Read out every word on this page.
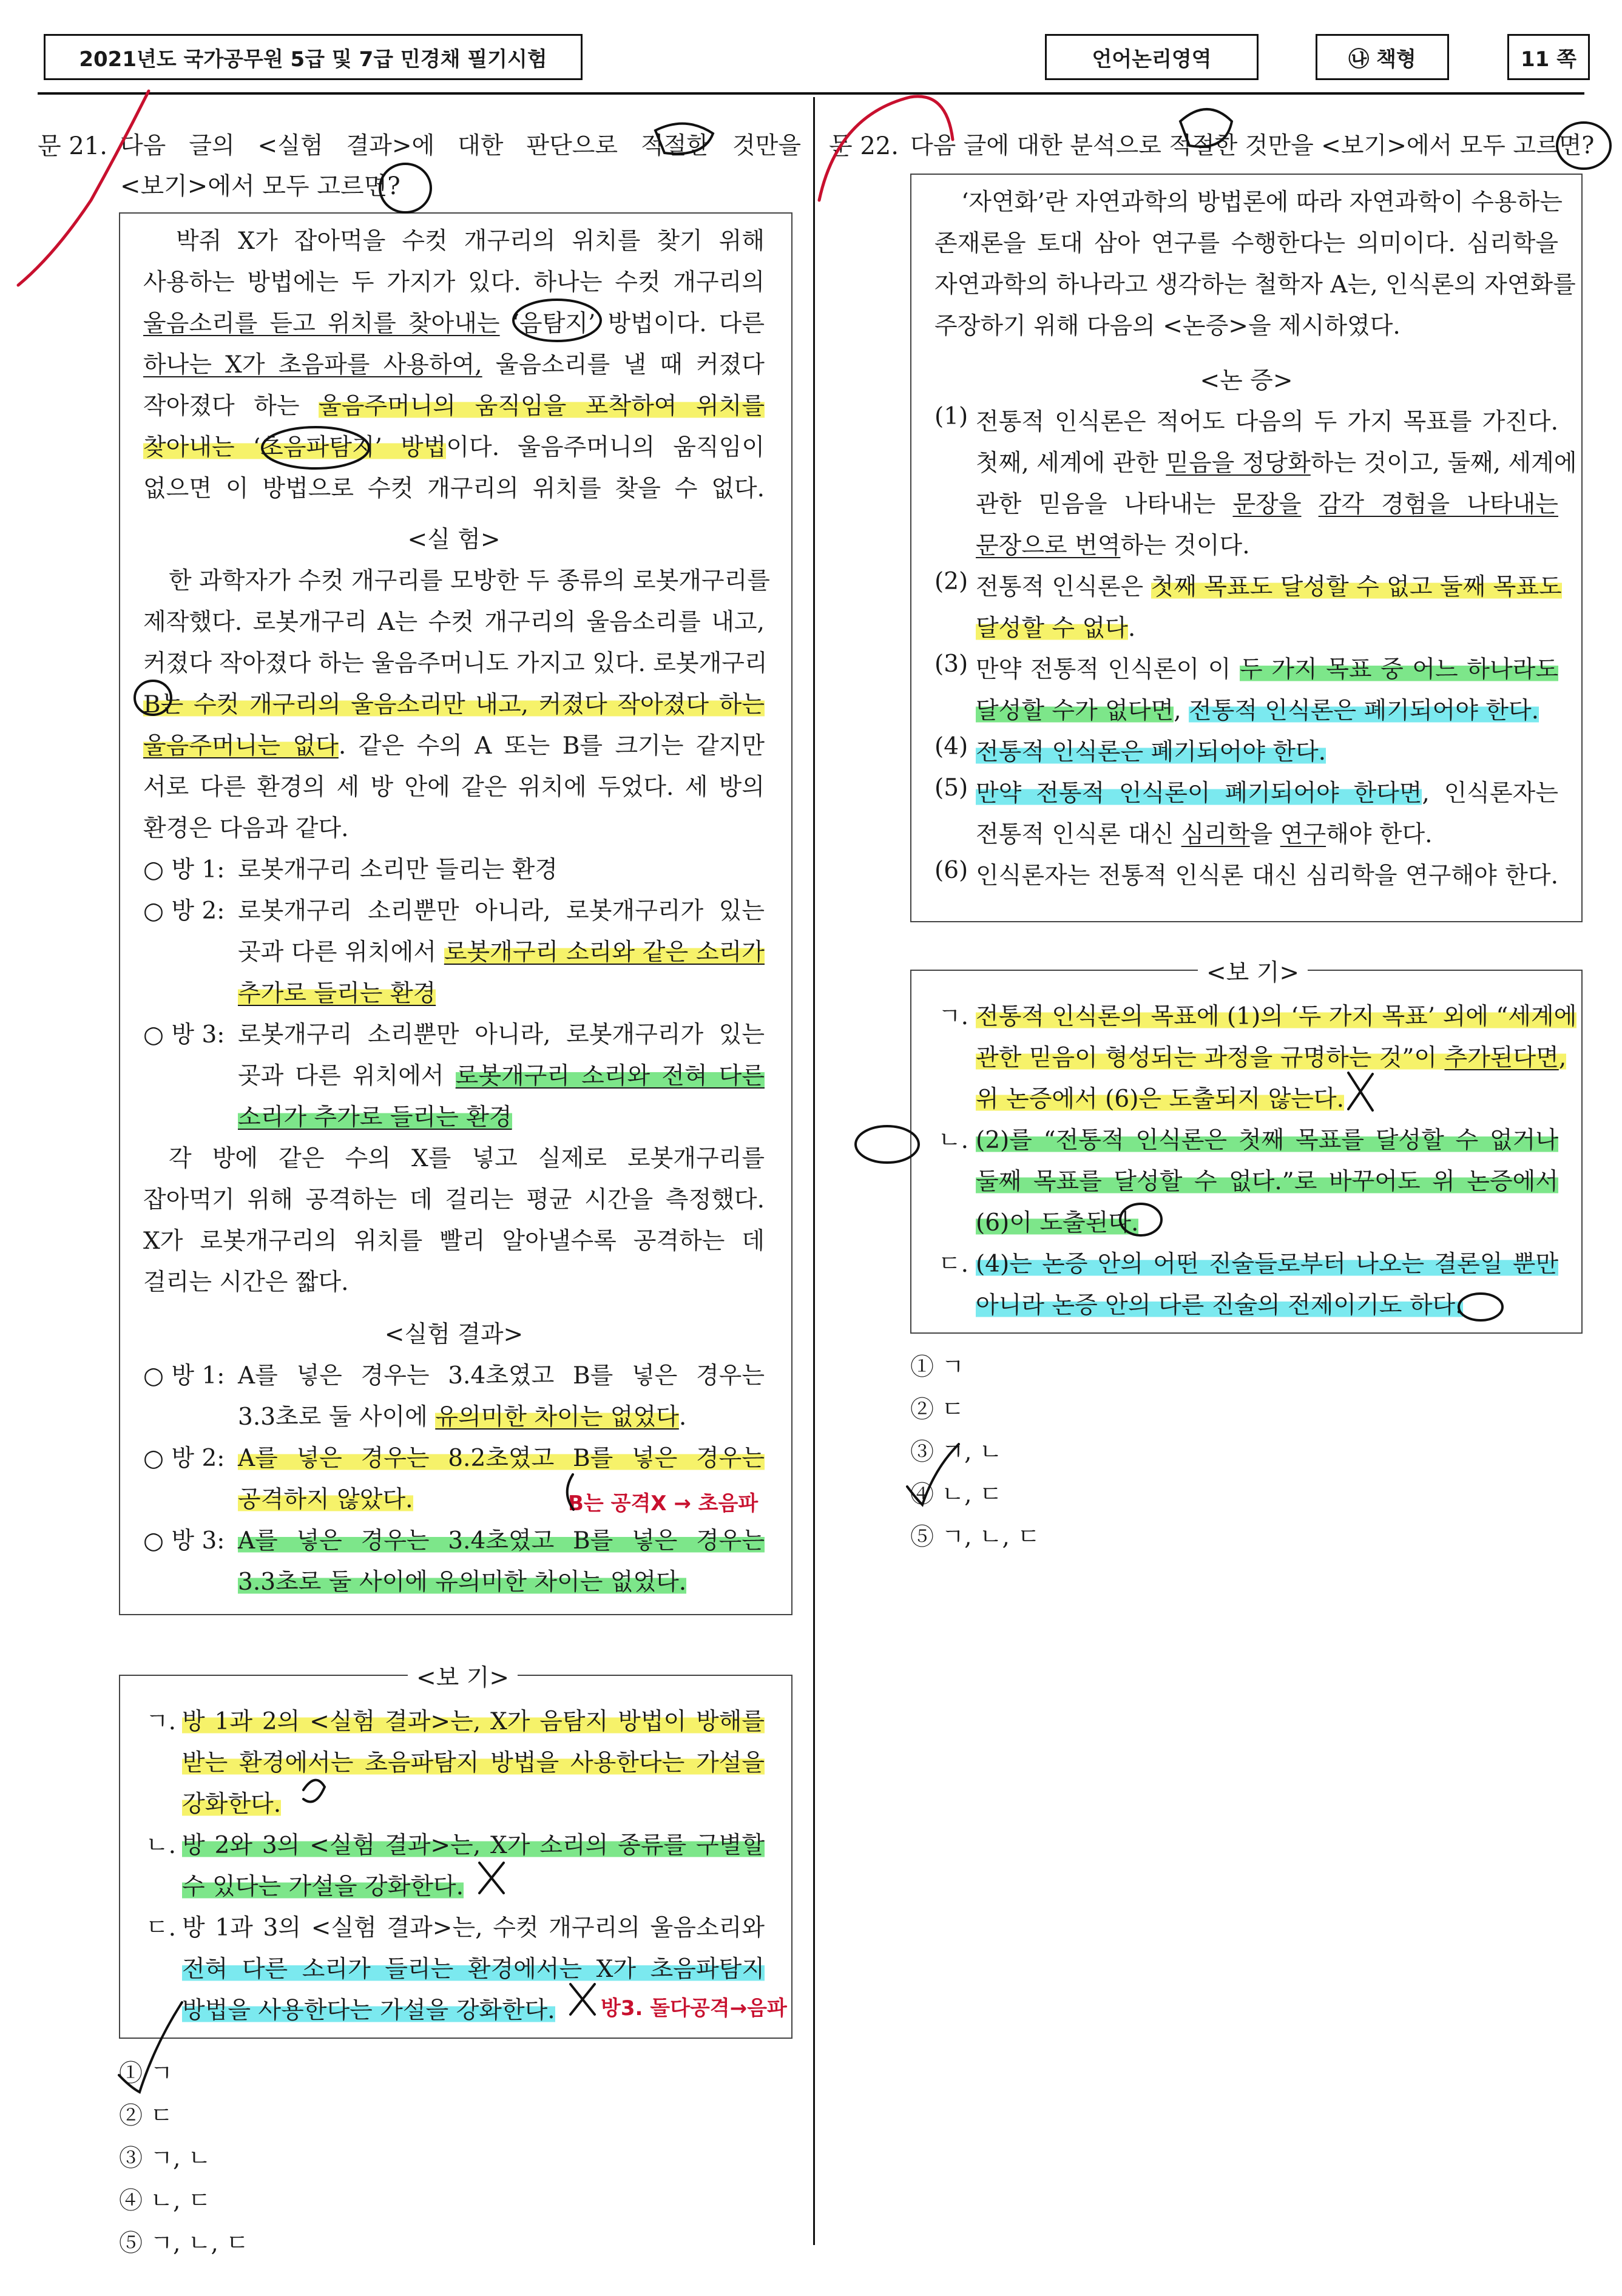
2021년도 국가공무원 5급 및 7급 민경채 필기시험	언어논리영역	㉯ 책형	11 쪽
문 21. 다음 글의 <실험 결과>에 대한 판단으로 적절한 것만을
<보기>에서 모두 고르면?
박쥐 X가 잡아먹을 수컷 개구리의 위치를 찾기 위해
사용하는 방법에는 두 가지가 있다. 하나는 수컷 개구리의
울음소리를 듣고 위치를 찾아내는 ‘음탐지’ 방법이다. 다른
하나는 X가 초음파를 사용하여, 울음소리를 낼 때 커졌다
작아졌다 하는 울음주머니의 움직임을 포착하여 위치를
찾아내는 ‘초음파탐지’ 방법이다. 울음주머니의 움직임이
없으면 이 방법으로 수컷 개구리의 위치를 찾을 수 없다.
<실 험>
한 과학자가 수컷 개구리를 모방한 두 종류의 로봇개구리를
제작했다. 로봇개구리 A는 수컷 개구리의 울음소리를 내고,
커졌다 작아졌다 하는 울음주머니도 가지고 있다. 로봇개구리
B는 수컷 개구리의 울음소리만 내고, 커졌다 작아졌다 하는
울음주머니는 없다. 같은 수의 A 또는 B를 크기는 같지만
서로 다른 환경의 세 방 안에 같은 위치에 두었다. 세 방의
환경은 다음과 같다.
○ 방 1: 로봇개구리 소리만 들리는 환경
○ 방 2: 로봇개구리 소리뿐만 아니라, 로봇개구리가 있는
곳과 다른 위치에서 로봇개구리 소리와 같은 소리가
추가로 들리는 환경
○ 방 3: 로봇개구리 소리뿐만 아니라, 로봇개구리가 있는
곳과 다른 위치에서 로봇개구리 소리와 전혀 다른
소리가 추가로 들리는 환경
각 방에 같은 수의 X를 넣고 실제로 로봇개구리를
잡아먹기 위해 공격하는 데 걸리는 평균 시간을 측정했다.
X가 로봇개구리의 위치를 빨리 알아낼수록 공격하는 데
걸리는 시간은 짧다.
<실험 결과>
○ 방 1: A를 넣은 경우는 3.4초였고 B를 넣은 경우는
3.3초로 둘 사이에 유의미한 차이는 없었다.
○ 방 2: A를 넣은 경우는 8.2초였고 B를 넣은 경우는
공격하지 않았다.
○ 방 3: A를 넣은 경우는 3.4초였고 B를 넣은 경우는
3.3초로 둘 사이에 유의미한 차이는 없었다.
<보 기>
ㄱ. 방 1과 2의 <실험 결과>는, X가 음탐지 방법이 방해를
받는 환경에서는 초음파탐지 방법을 사용한다는 가설을
강화한다.
ㄴ. 방 2와 3의 <실험 결과>는, X가 소리의 종류를 구별할
수 있다는 가설을 강화한다.
ㄷ. 방 1과 3의 <실험 결과>는, 수컷 개구리의 울음소리와
전혀 다른 소리가 들리는 환경에서는 X가 초음파탐지
방법을 사용한다는 가설을 강화한다.
① ㄱ
② ㄷ
③ ㄱ, ㄴ
④ ㄴ, ㄷ
⑤ ㄱ, ㄴ, ㄷ
B는 공격X → 초음파
방3. 돌다공격→음파
문 22. 다음 글에 대한 분석으로 적절한 것만을 <보기>에서 모두 고르면?
‘자연화’란 자연과학의 방법론에 따라 자연과학이 수용하는
존재론을 토대 삼아 연구를 수행한다는 의미이다. 심리학을
자연과학의 하나라고 생각하는 철학자 A는, 인식론의 자연화를
주장하기 위해 다음의 <논증>을 제시하였다.
<논 증>
(1) 전통적 인식론은 적어도 다음의 두 가지 목표를 가진다.
첫째, 세계에 관한 믿음을 정당화하는 것이고, 둘째, 세계에
관한 믿음을 나타내는 문장을 감각 경험을 나타내는
문장으로 번역하는 것이다.
(2) 전통적 인식론은 첫째 목표도 달성할 수 없고 둘째 목표도
달성할 수 없다.
(3) 만약 전통적 인식론이 이 두 가지 목표 중 어느 하나라도
달성할 수가 없다면, 전통적 인식론은 폐기되어야 한다.
(4) 전통적 인식론은 폐기되어야 한다.
(5) 만약 전통적 인식론이 폐기되어야 한다면, 인식론자는
전통적 인식론 대신 심리학을 연구해야 한다.
(6) 인식론자는 전통적 인식론 대신 심리학을 연구해야 한다.
<보 기>
ㄱ. 전통적 인식론의 목표에 (1)의 ‘두 가지 목표’ 외에 “세계에
관한 믿음이 형성되는 과정을 규명하는 것”이 추가된다면,
위 논증에서 (6)은 도출되지 않는다.
ㄴ. (2)를 “전통적 인식론은 첫째 목표를 달성할 수 없거나
둘째 목표를 달성할 수 없다.”로 바꾸어도 위 논증에서
(6)이 도출된다.
ㄷ. (4)는 논증 안의 어떤 진술들로부터 나오는 결론일 뿐만
아니라 논증 안의 다른 진술의 전제이기도 하다.
① ㄱ
② ㄷ
③ ㄱ, ㄴ
④ ㄴ, ㄷ
⑤ ㄱ, ㄴ, ㄷ
